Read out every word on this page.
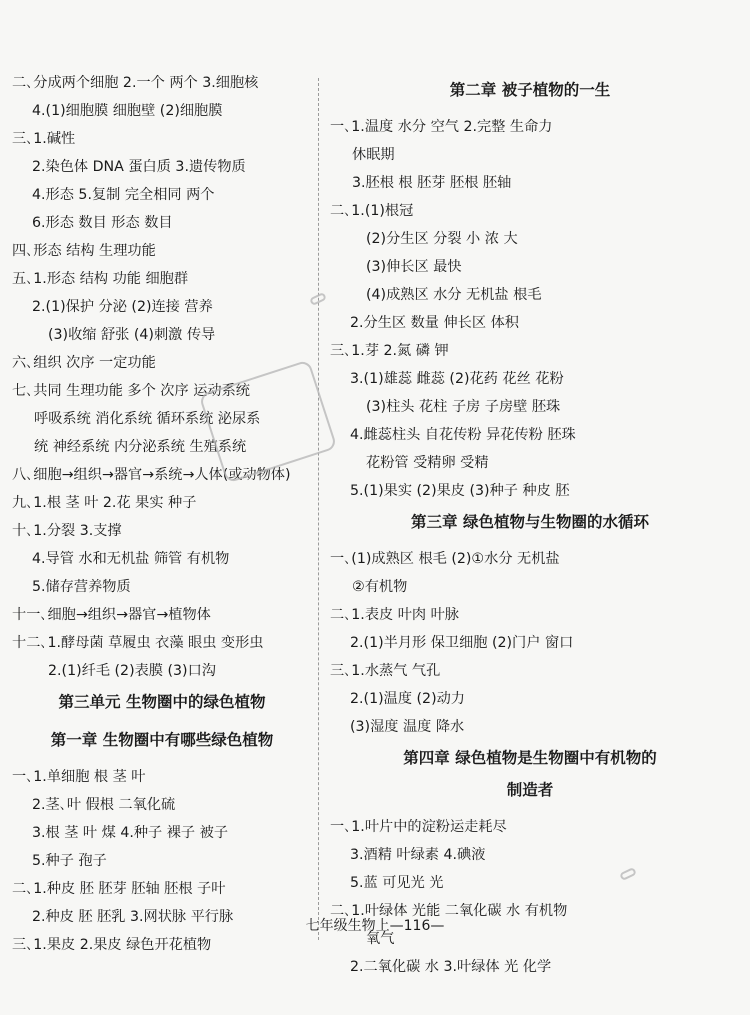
二､分成两个细胞 2.一个 两个 3.细胞核
4.(1)细胞膜 细胞壁 (2)细胞膜
三､1.碱性
2.染色体 DNA 蛋白质 3.遗传物质
4.形态 5.复制 完全相同 两个
6.形态 数目 形态 数目
四､形态 结构 生理功能
五､1.形态 结构 功能 细胞群
2.(1)保护 分泌 (2)连接 营养
(3)收缩 舒张 (4)刺激 传导
六､组织 次序 一定功能
七､共同 生理功能 多个 次序 运动系统
呼吸系统 消化系统 循环系统 泌尿系
统 神经系统 内分泌系统 生殖系统
八､细胞→组织→器官→系统→人体(或动物体)
九､1.根 茎 叶 2.花 果实 种子
十､1.分裂 3.支撑
4.导管 水和无机盐 筛管 有机物
5.储存营养物质
十一､细胞→组织→器官→植物体
十二､1.酵母菌 草履虫 衣藻 眼虫 变形虫
2.(1)纤毛 (2)表膜 (3)口沟
第三单元 生物圈中的绿色植物
第一章 生物圈中有哪些绿色植物
一､1.单细胞 根 茎 叶
2.茎､叶 假根 二氧化硫
3.根 茎 叶 煤 4.种子 裸子 被子
5.种子 孢子
二､1.种皮 胚 胚芽 胚轴 胚根 子叶
2.种皮 胚 胚乳 3.网状脉 平行脉
三､1.果皮 2.果皮 绿色开花植物
第二章 被子植物的一生
一､1.温度 水分 空气 2.完整 生命力
休眠期
3.胚根 根 胚芽 胚根 胚轴
二､1.(1)根冠
(2)分生区 分裂 小 浓 大
(3)伸长区 最快
(4)成熟区 水分 无机盐 根毛
2.分生区 数量 伸长区 体积
三､1.芽 2.氮 磷 钾
3.(1)雄蕊 雌蕊 (2)花药 花丝 花粉
(3)柱头 花柱 子房 子房壁 胚珠
4.雌蕊柱头 自花传粉 异花传粉 胚珠
花粉管 受精卵 受精
5.(1)果实 (2)果皮 (3)种子 种皮 胚
第三章 绿色植物与生物圈的水循环
一､(1)成熟区 根毛 (2)①水分 无机盐
②有机物
二､1.表皮 叶肉 叶脉
2.(1)半月形 保卫细胞 (2)门户 窗口
三､1.水蒸气 气孔
2.(1)温度 (2)动力
(3)湿度 温度 降水
第四章 绿色植物是生物圈中有机物的
制造者
一､1.叶片中的淀粉运走耗尽
3.酒精 叶绿素 4.碘液
5.蓝 可见光 光
二､1.叶绿体 光能 二氧化碳 水 有机物
氧气
2.二氧化碳 水 3.叶绿体 光 化学
七年级生物上—116—
